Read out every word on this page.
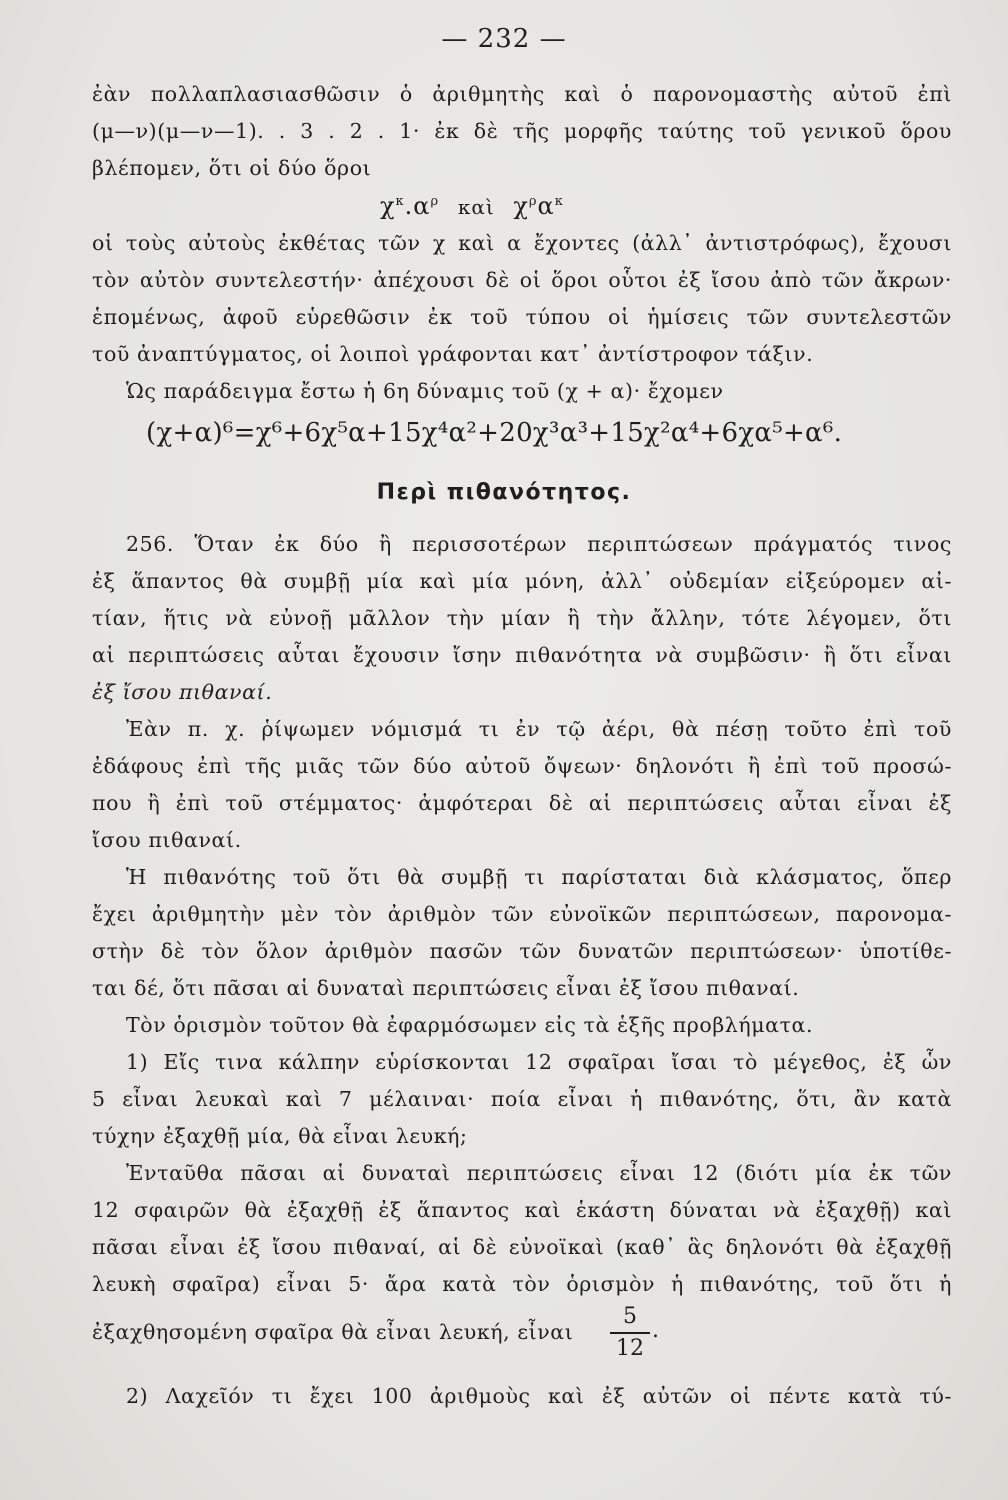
— 232 —
ἐὰν πολλαπλασιασθῶσιν ὁ ἀριθμητὴς καὶ ὁ παρονομαστὴς αὐτοῦ ἐπὶ
(μ—ν)(μ—ν—1). . 3 . 2 . 1· ἐκ δὲ τῆς μορφῆς ταύτης τοῦ γενικοῦ ὅρου
βλέπομεν, ὅτι οἱ δύο ὅροι
$\chi^\kappa.\alpha^\rho$ καὶ $\chi^\rho\alpha^\kappa$
οἱ τοὺς αὐτοὺς ἐκθέτας τῶν χ καὶ α ἔχοντες (ἀλλ᾿ ἀντιστρόφως), ἔχουσι
τὸν αὐτὸν συντελεστήν· ἀπέχουσι δὲ οἱ ὅροι οὗτοι ἐξ ἴσου ἀπὸ τῶν ἄκρων·
ἑπομένως, ἀφοῦ εὑρεθῶσιν ἐκ τοῦ τύπου οἱ ἡμίσεις τῶν συντελεστῶν
τοῦ ἀναπτύγματος, οἱ λοιποὶ γράφονται κατ᾿ ἀντίστροφον τάξιν.
Ὡς παράδειγμα ἔστω ἡ 6η δύναμις τοῦ (χ + α)· ἔχομεν
(χ+α)⁶=χ⁶+6χ⁵α+15χ⁴α²+20χ³α³+15χ²α⁴+6χα⁵+α⁶.
Περὶ πιθανότητος.
256. Ὅταν ἐκ δύο ἢ περισσοτέρων περιπτώσεων πράγματός τινος
ἐξ ἅπαντος θὰ συμβῇ μία καὶ μία μόνη, ἀλλ᾿ οὐδεμίαν εἰξεύρομεν αἰ-
τίαν, ἥτις νὰ εὐνοῇ μᾶλλον τὴν μίαν ἢ τὴν ἄλλην, τότε λέγομεν, ὅτι
αἱ περιπτώσεις αὗται ἔχουσιν ἴσην πιθανότητα νὰ συμβῶσιν· ἢ ὅτι εἶναι
ἐξ ἴσου πιθαναί.
Ἐὰν π. χ. ῥίψωμεν νόμισμά τι ἐν τῷ ἀέρι, θὰ πέσῃ τοῦτο ἐπὶ τοῦ
ἐδάφους ἐπὶ τῆς μιᾶς τῶν δύο αὐτοῦ ὄψεων· δηλονότι ἢ ἐπὶ τοῦ προσώ-
που ἢ ἐπὶ τοῦ στέμματος· ἀμφότεραι δὲ αἱ περιπτώσεις αὗται εἶναι ἐξ
ἴσου πιθαναί.
Ἡ πιθανότης τοῦ ὅτι θὰ συμβῇ τι παρίσταται διὰ κλάσματος, ὅπερ
ἔχει ἀριθμητὴν μὲν τὸν ἀριθμὸν τῶν εὐνοϊκῶν περιπτώσεων, παρονομα-
στὴν δὲ τὸν ὅλον ἀριθμὸν πασῶν τῶν δυνατῶν περιπτώσεων· ὑποτίθε-
ται δέ, ὅτι πᾶσαι αἱ δυναταὶ περιπτώσεις εἶναι ἐξ ἴσου πιθαναί.
Τὸν ὁρισμὸν τοῦτον θὰ ἐφαρμόσωμεν εἰς τὰ ἑξῆς προβλήματα.
1) Εἴς τινα κάλπην εὑρίσκονται 12 σφαῖραι ἴσαι τὸ μέγεθος, ἐξ ὧν
5 εἶναι λευκαὶ καὶ 7 μέλαιναι· ποία εἶναι ἡ πιθανότης, ὅτι, ἂν κατὰ
τύχην ἐξαχθῇ μία, θὰ εἶναι λευκή;
Ἐνταῦθα πᾶσαι αἱ δυναταὶ περιπτώσεις εἶναι 12 (διότι μία ἐκ τῶν
12 σφαιρῶν θὰ ἐξαχθῇ ἐξ ἅπαντος καὶ ἑκάστη δύναται νὰ ἐξαχθῇ) καὶ
πᾶσαι εἶναι ἐξ ἴσου πιθαναί, αἱ δὲ εὐνοϊκαὶ (καθ᾿ ἃς δηλονότι θὰ ἐξαχθῇ
λευκὴ σφαῖρα) εἶναι 5· ἄρα κατὰ τὸν ὁρισμὸν ἡ πιθανότης, τοῦ ὅτι ἡ
ἐξαχθησομένη σφαῖρα θὰ εἶναι λευκή, εἶναι
5
12
.
2) Λαχεῖόν τι ἔχει 100 ἀριθμοὺς καὶ ἐξ αὐτῶν οἱ πέντε κατὰ τύ-
